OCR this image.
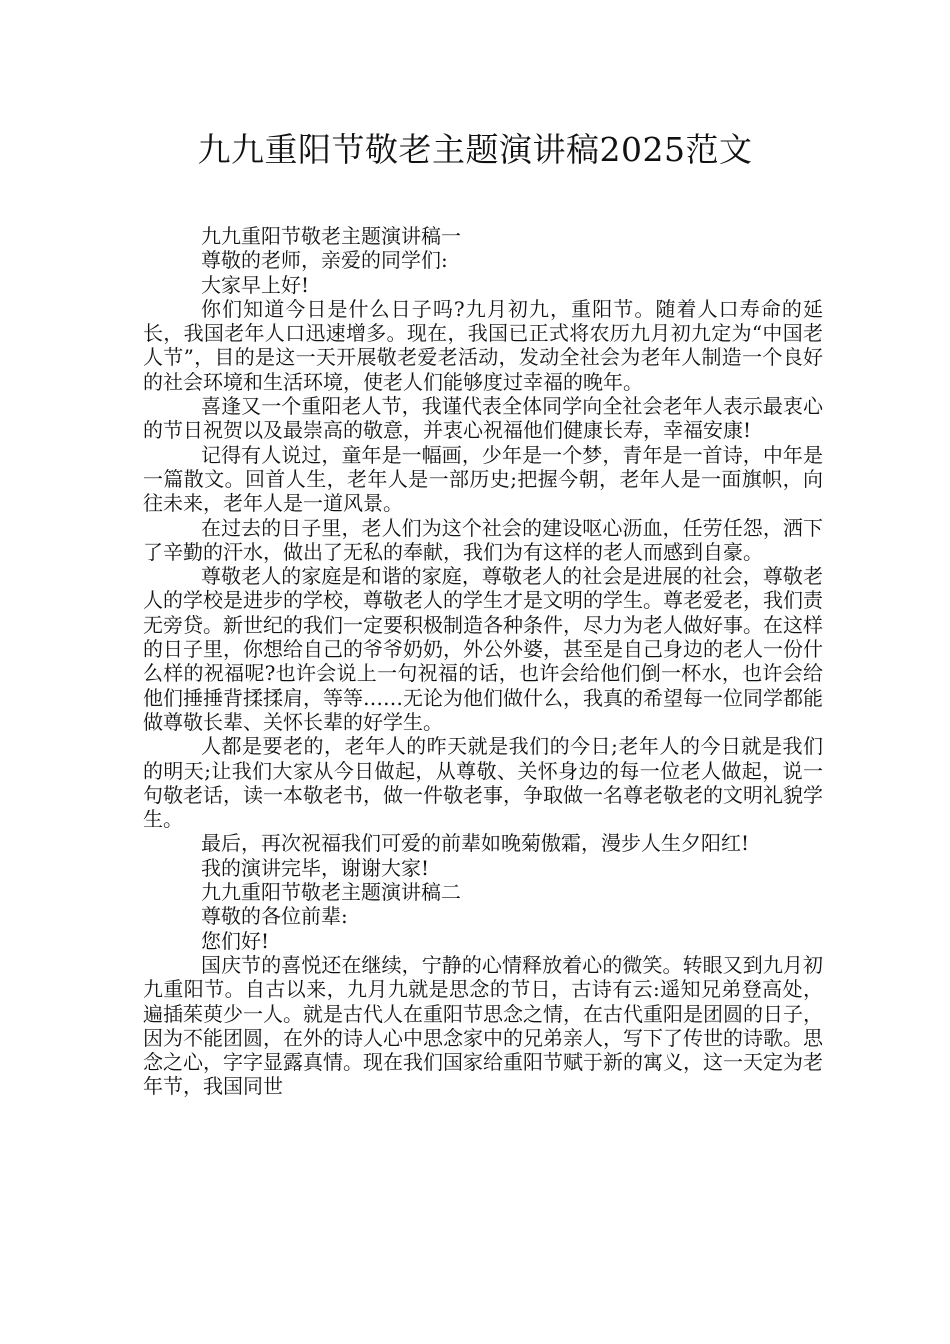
九九重阳节敬老主题演讲稿2025范文

九九重阳节敬老主题演讲稿一

尊敬的老师，亲爱的同学们:

大家早上好!

你们知道今日是什么日子吗?九月初九，重阳节。随着人口寿命的延长，我国老年人口迅速增多。现在，我国已正式将农历九月初九定为“中国老人节”，目的是这一天开展敬老爱老活动，发动全社会为老年人制造一个良好的社会环境和生活环境，使老人们能够度过幸福的晚年。

喜逢又一个重阳老人节，我谨代表全体同学向全社会老年人表示最衷心的节日祝贺以及最崇高的敬意，并衷心祝福他们健康长寿，幸福安康!

记得有人说过，童年是一幅画，少年是一个梦，青年是一首诗，中年是一篇散文。回首人生，老年人是一部历史;把握今朝，老年人是一面旗帜，向往未来，老年人是一道风景。

在过去的日子里，老人们为这个社会的建设呕心沥血，任劳任怨，洒下了辛勤的汗水，做出了无私的奉献，我们为有这样的老人而感到自豪。

尊敬老人的家庭是和谐的家庭，尊敬老人的社会是进展的社会，尊敬老人的学校是进步的学校，尊敬老人的学生才是文明的学生。尊老爱老，我们责无旁贷。新世纪的我们一定要积极制造各种条件，尽力为老人做好事。在这样的日子里，你想给自己的爷爷奶奶，外公外婆，甚至是自己身边的老人一份什么样的祝福呢?也许会说上一句祝福的话，也许会给他们倒一杯水，也许会给他们捶捶背揉揉肩，等等……无论为他们做什么，我真的希望每一位同学都能做尊敬长辈、关怀长辈的好学生。

人都是要老的，老年人的昨天就是我们的今日;老年人的今日就是我们的明天;让我们大家从今日做起，从尊敬、关怀身边的每一位老人做起，说一句敬老话，读一本敬老书，做一件敬老事，争取做一名尊老敬老的文明礼貌学生。

最后，再次祝福我们可爱的前辈如晚菊傲霜，漫步人生夕阳红!

我的演讲完毕，谢谢大家!

九九重阳节敬老主题演讲稿二

尊敬的各位前辈:

您们好!

国庆节的喜悦还在继续，宁静的心情释放着心的微笑。转眼又到九月初九重阳节。自古以来，九月九就是思念的节日，古诗有云:遥知兄弟登高处，遍插茱萸少一人。就是古代人在重阳节思念之情，在古代重阳是团圆的日子，因为不能团圆，在外的诗人心中思念家中的兄弟亲人，写下了传世的诗歌。思念之心，字字显露真情。现在我们国家给重阳节赋于新的寓义，这一天定为老年节，我国同世
